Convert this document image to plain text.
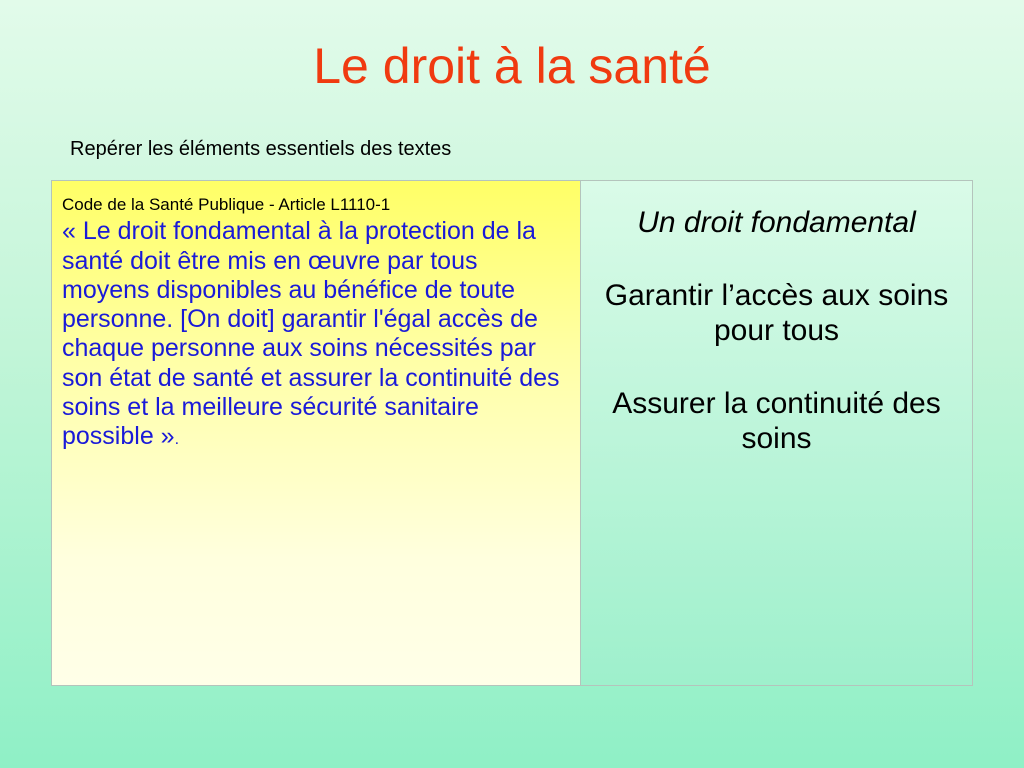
Le droit à la santé
Repérer les éléments essentiels des textes
Code de la Santé Publique - Article L1110-1
« Le droit fondamental à la protection de la santé doit être mis en œuvre par tous moyens disponibles au bénéfice de toute personne. [On doit] garantir l'égal accès de chaque personne aux soins nécessités par son état de santé et assurer la continuité des soins et la meilleure sécurité sanitaire possible ».

Un droit fondamental

Garantir l’accès aux soins pour tous

Assurer la continuité des soins
